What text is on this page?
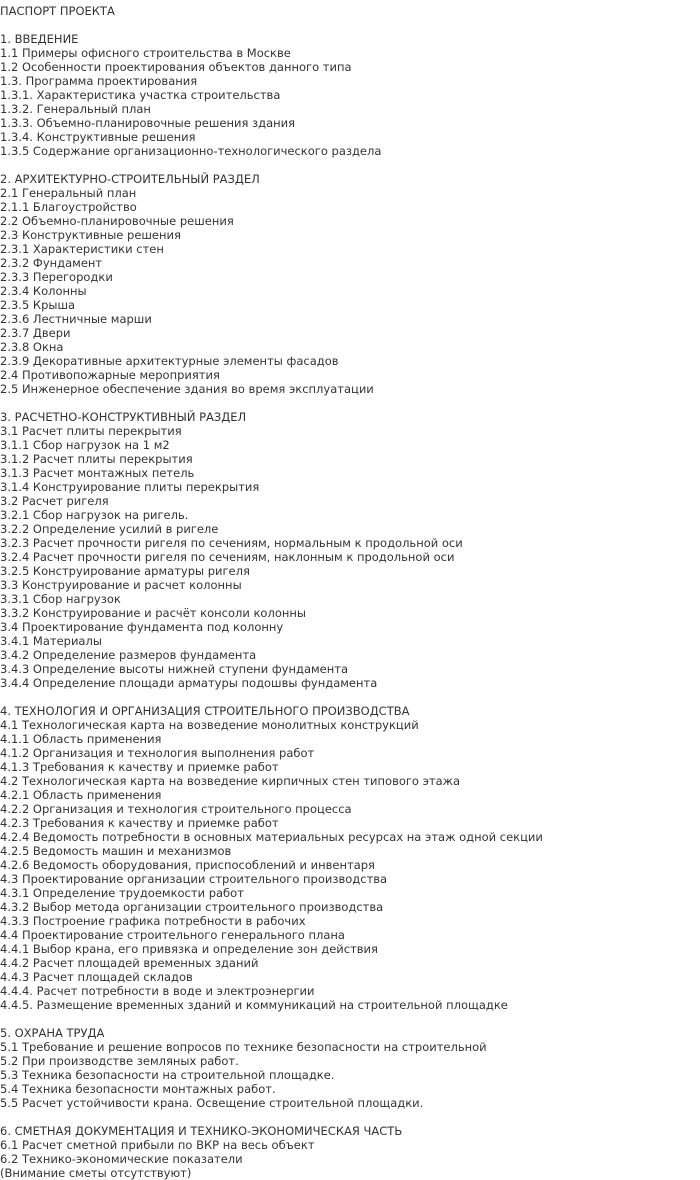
ПАСПОРТ ПРОЕКТА
1. ВВЕДЕНИЕ
1.1 Примеры офисного строительства в Москве
1.2 Особенности проектирования объектов данного типа
1.3. Программа проектирования
1.3.1. Характеристика участка строительства
1.3.2. Генеральный план
1.3.3. Объемно-планировочные решения здания
1.3.4. Конструктивные решения
1.3.5 Содержание организационно-технологического раздела
2. АРХИТЕКТУРНО-СТРОИТЕЛЬНЫЙ РАЗДЕЛ
2.1 Генеральный план
2.1.1 Благоустройство
2.2 Объемно-планировочные решения
2.3 Конструктивные решения
2.3.1 Характеристики стен
2.3.2 Фундамент
2.3.3 Перегородки
2.3.4 Колонны
2.3.5 Крыша
2.3.6 Лестничные марши
2.3.7 Двери
2.3.8 Окна
2.3.9 Декоративные архитектурные элементы фасадов
2.4 Противопожарные мероприятия
2.5 Инженерное обеспечение здания во время эксплуатации
3. РАСЧЕТНО-КОНСТРУКТИВНЫЙ РАЗДЕЛ
3.1 Расчет плиты перекрытия
3.1.1 Сбор нагрузок на 1 м2
3.1.2 Расчет плиты перекрытия
3.1.3 Расчет монтажных петель
3.1.4 Конструирование плиты перекрытия
3.2 Расчет ригеля
3.2.1 Сбор нагрузок на ригель.
3.2.2 Определение усилий в ригеле
3.2.3 Расчет прочности ригеля по сечениям, нормальным к продольной оси
3.2.4 Расчет прочности ригеля по сечениям, наклонным к продольной оси
3.2.5 Конструирование арматуры ригеля
3.3 Конструирование и расчет колонны
3.3.1 Сбор нагрузок
3.3.2 Конструирование и расчёт консоли колонны
3.4 Проектирование фундамента под колонну
3.4.1 Материалы
3.4.2 Определение размеров фундамента
3.4.3 Определение высоты нижней ступени фундамента
3.4.4 Определение площади арматуры подошвы фундамента
4. ТЕХНОЛОГИЯ И ОРГАНИЗАЦИЯ СТРОИТЕЛЬНОГО ПРОИЗВОДСТВА
4.1 Технологическая карта на возведение монолитных конструкций
4.1.1 Область применения
4.1.2 Организация и технология выполнения работ
4.1.3 Требования к качеству и приемке работ
4.2 Технологическая карта на возведение кирпичных стен типового этажа
4.2.1 Область применения
4.2.2 Организация и технология строительного процесса
4.2.3 Требования к качеству и приемке работ
4.2.4 Ведомость потребности в основных материальных ресурсах на этаж одной секции
4.2.5 Ведомость машин и механизмов
4.2.6 Ведомость оборудования, приспособлений и инвентаря
4.3 Проектирование организации строительного производства
4.3.1 Определение трудоемкости работ
4.3.2 Выбор метода организации строительного производства
4.3.3 Построение графика потребности в рабочих
4.4 Проектирование строительного генерального плана
4.4.1 Выбор крана, его привязка и определение зон действия
4.4.2 Расчет площадей временных зданий
4.4.3 Расчет площадей складов
4.4.4. Расчет потребности в воде и электроэнергии
4.4.5. Размещение временных зданий и коммуникаций на строительной площадке
5. ОХРАНА ТРУДА
5.1 Требование и решение вопросов по технике безопасности на строительной
5.2 При производстве земляных работ.
5.3 Техника безопасности на строительной площадке.
5.4 Техника безопасности монтажных работ.
5.5 Расчет устойчивости крана. Освещение строительной площадки.
6. СМЕТНАЯ ДОКУМЕНТАЦИЯ И ТЕХНИКО-ЭКОНОМИЧЕСКАЯ ЧАСТЬ
6.1 Расчет сметной прибыли по ВКР на весь объект
6.2 Технико-экономические показатели
(Внимание сметы отсутствуют)
